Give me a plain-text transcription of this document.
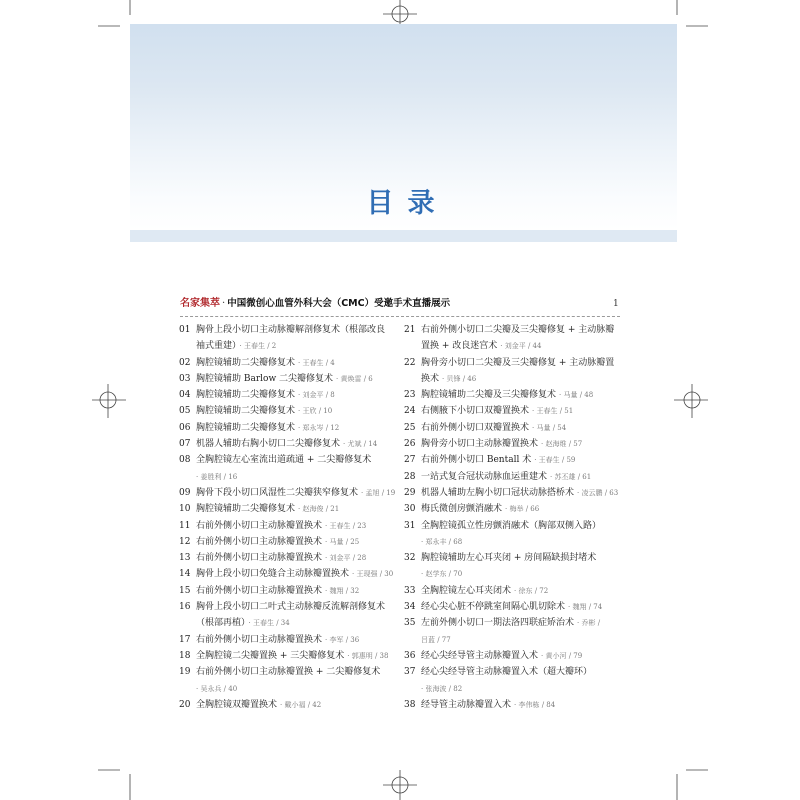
目录
名家集萃 · 中国微创心血管外科大会（CMC）受邀手术直播展示	1
01 胸骨上段小切口主动脉瓣解剖修复术（根部改良
袖式重建） · 王春生 / 2
02 胸腔镜辅助二尖瓣修复术 · 王春生 / 4
03 胸腔镜辅助 Barlow 二尖瓣修复术 · 黄焕雷 / 6
04 胸腔镜辅助二尖瓣修复术 · 刘金平 / 8
05 胸腔镜辅助二尖瓣修复术 · 王欣 / 10
06 胸腔镜辅助二尖瓣修复术 · 郑永岑 / 12
07 机器人辅助右胸小切口二尖瓣修复术 · 尤斌 / 14
08 全胸腔镜左心室流出道疏通 + 二尖瓣修复术
· 姜胜利 / 16
09 胸骨下段小切口风湿性二尖瓣狭窄修复术 · 孟旭 / 19
10 胸腔镜辅助二尖瓣修复术 · 赵海俊 / 21
11 右前外侧小切口主动脉瓣置换术 · 王春生 / 23
12 右前外侧小切口主动脉瓣置换术 · 马量 / 25
13 右前外侧小切口主动脉瓣置换术 · 刘金平 / 28
14 胸骨上段小切口免缝合主动脉瓣置换术 · 王现强 / 30
15 右前外侧小切口主动脉瓣置换术 · 魏翔 / 32
16 胸骨上段小切口二叶式主动脉瓣反流解剖修复术
（根部再植） · 王春生 / 34
17 右前外侧小切口主动脉瓣置换术 · 李军 / 36
18 全胸腔镜二尖瓣置换 + 三尖瓣修复术 · 郭惠明 / 38
19 右前外侧小切口主动脉瓣置换 + 二尖瓣修复术
· 吴永兵 / 40
20 全胸腔镜双瓣置换术 · 戴小福 / 42
21 右前外侧小切口二尖瓣及三尖瓣修复 + 主动脉瓣
置换 + 改良迷宫术 · 刘金平 / 44
22 胸骨旁小切口二尖瓣及三尖瓣修复 + 主动脉瓣置
换术 · 贝锋 / 46
23 胸腔镜辅助二尖瓣及三尖瓣修复术 · 马量 / 48
24 右侧腋下小切口双瓣置换术 · 王春生 / 51
25 右前外侧小切口双瓣置换术 · 马量 / 54
26 胸骨旁小切口主动脉瓣置换术 · 赵海维 / 57
27 右前外侧小切口 Bentall 术 · 王春生 / 59
28 一站式复合冠状动脉血运重建术 · 苏丕雄 / 61
29 机器人辅助左胸小切口冠状动脉搭桥术 · 凌云鹏 / 63
30 梅氏微创房颤消融术 · 梅举 / 66
31 全胸腔镜孤立性房颤消融术（胸部双侧入路）
· 郑永丰 / 68
32 胸腔镜辅助左心耳夹闭 + 房间隔缺损封堵术
· 赵学东 / 70
33 全胸腔镜左心耳夹闭术 · 徐东 / 72
34 经心尖心脏不停跳室间隔心肌切除术 · 魏翔 / 74
35 左前外侧小切口一期法洛四联症矫治术 · 乔彬 /
吕蓝 / 77
36 经心尖经导管主动脉瓣置入术 · 黄小河 / 79
37 经心尖经导管主动脉瓣置入术（超大瓣环）
· 张海波 / 82
38 经导管主动脉瓣置入术 · 李伟栋 / 84
